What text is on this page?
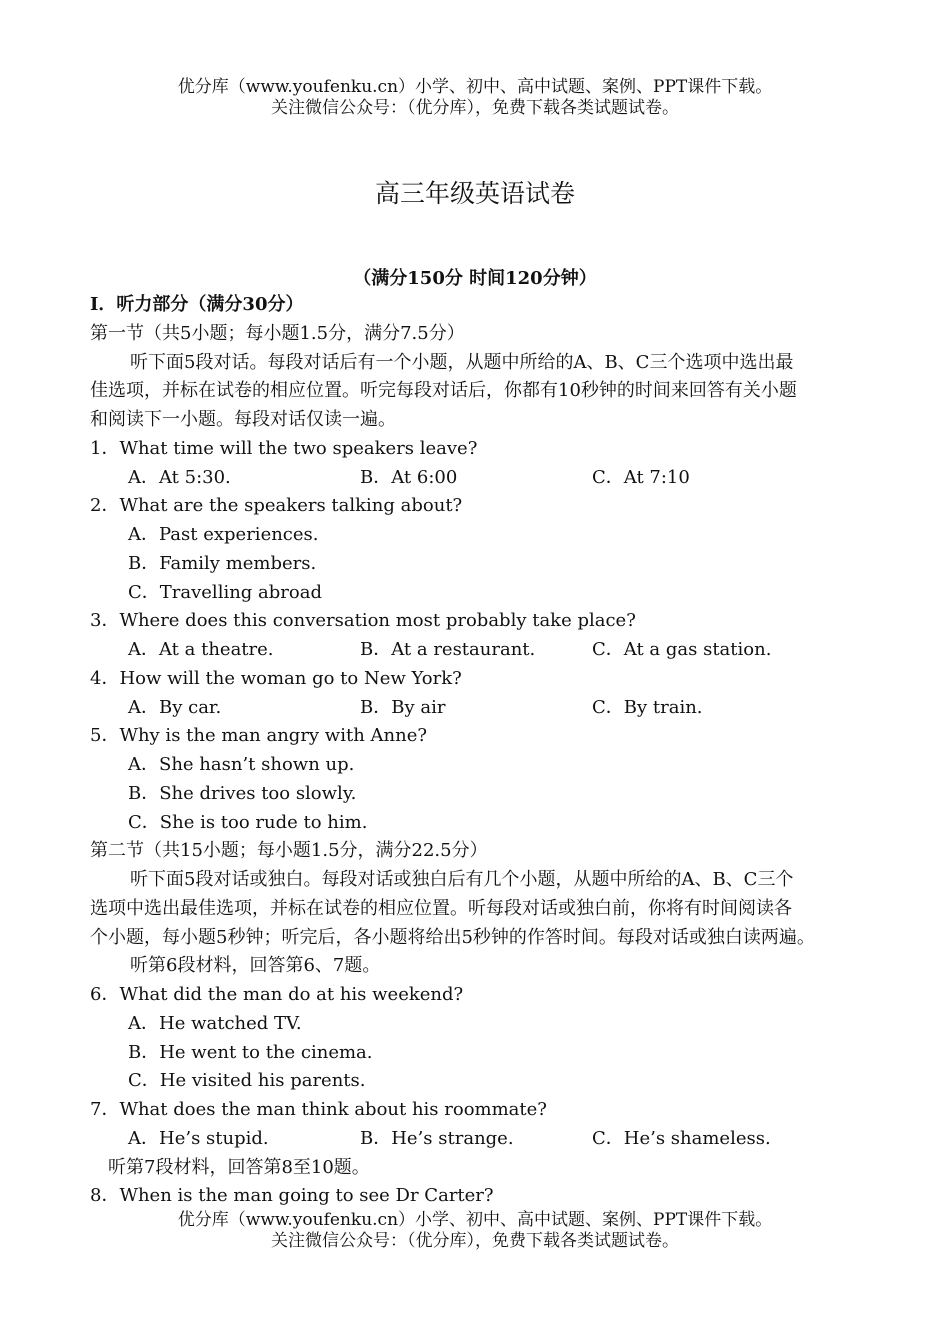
优分库（www.youfenku.cn）小学、初中、高中试题、案例、PPT课件下载。
关注微信公众号：（优分库），免费下载各类试题试卷。
高三年级英语试卷
（满分150分 时间120分钟）
Ⅰ．听力部分（满分30分）
第一节（共5小题；每小题1.5分，满分7.5分）
听下面5段对话。每段对话后有一个小题，从题中所给的A、B、C三个选项中选出最
佳选项，并标在试卷的相应位置。听完每段对话后，你都有10秒钟的时间来回答有关小题
和阅读下一小题。每段对话仅读一遍。
1．What time will the two speakers leave?
A．At 5:30.	B．At 6:00	C．At 7:10
2．What are the speakers talking about?
A．Past experiences.
B．Family members.
C．Travelling abroad
3．Where does this conversation most probably take place?
A．At a theatre.	B．At a restaurant.	C．At a gas station.
4．How will the woman go to New York?
A．By car.	B．By air	C．By train.
5．Why is the man angry with Anne?
A．She hasn’t shown up.
B．She drives too slowly.
C．She is too rude to him.
第二节（共15小题；每小题1.5分，满分22.5分）
听下面5段对话或独白。每段对话或独白后有几个小题，从题中所给的A、B、C三个
选项中选出最佳选项，并标在试卷的相应位置。听每段对话或独白前，你将有时间阅读各
个小题，每小题5秒钟；听完后，各小题将给出5秒钟的作答时间。每段对话或独白读两遍。
听第6段材料，回答第6、7题。
6．What did the man do at his weekend?
A．He watched TV.
B．He went to the cinema.
C．He visited his parents.
7．What does the man think about his roommate?
A．He’s stupid.	B．He’s strange.	C．He’s shameless.
听第7段材料，回答第8至10题。
8．When is the man going to see Dr Carter?
优分库（www.youfenku.cn）小学、初中、高中试题、案例、PPT课件下载。
关注微信公众号：（优分库），免费下载各类试题试卷。
